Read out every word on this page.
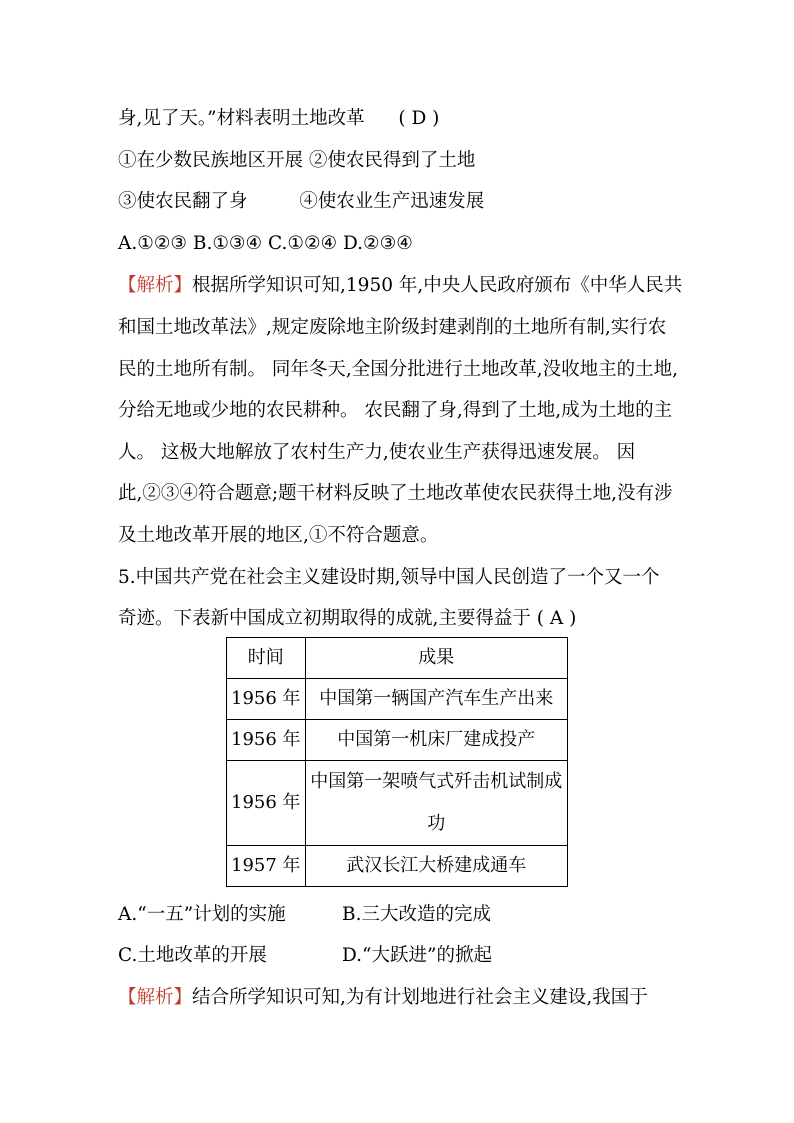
身,见了天。”材料表明土地改革 ( D )
①在少数民族地区开展 ②使农民得到了土地
③使农民翻了身	④使农业生产迅速发展
A.①②③ B.①③④ C.①②④ D.②③④
【解析】根据所学知识可知,1950 年,中央人民政府颁布《中华人民共
和国土地改革法》,规定废除地主阶级封建剥削的土地所有制,实行农
民的土地所有制。 同年冬天,全国分批进行土地改革,没收地主的土地,
分给无地或少地的农民耕种。 农民翻了身,得到了土地,成为土地的主
人。 这极大地解放了农村生产力,使农业生产获得迅速发展。 因
此,②③④符合题意;题干材料反映了土地改革使农民获得土地,没有涉
及土地改革开展的地区,①不符合题意。
5.中国共产党在社会主义建设时期,领导中国人民创造了一个又一个
奇迹。下表新中国成立初期取得的成就,主要得益于 ( A )
时间	成果
1956 年	中国第一辆国产汽车生产出来
1956 年	中国第一机床厂建成投产
1956 年	中国第一架喷气式歼击机试制成功
1957 年	武汉长江大桥建成通车
A.“一五”计划的实施	B.三大改造的完成
C.土地改革的开展	D.“大跃进”的掀起
【解析】结合所学知识可知,为有计划地进行社会主义建设,我国于
